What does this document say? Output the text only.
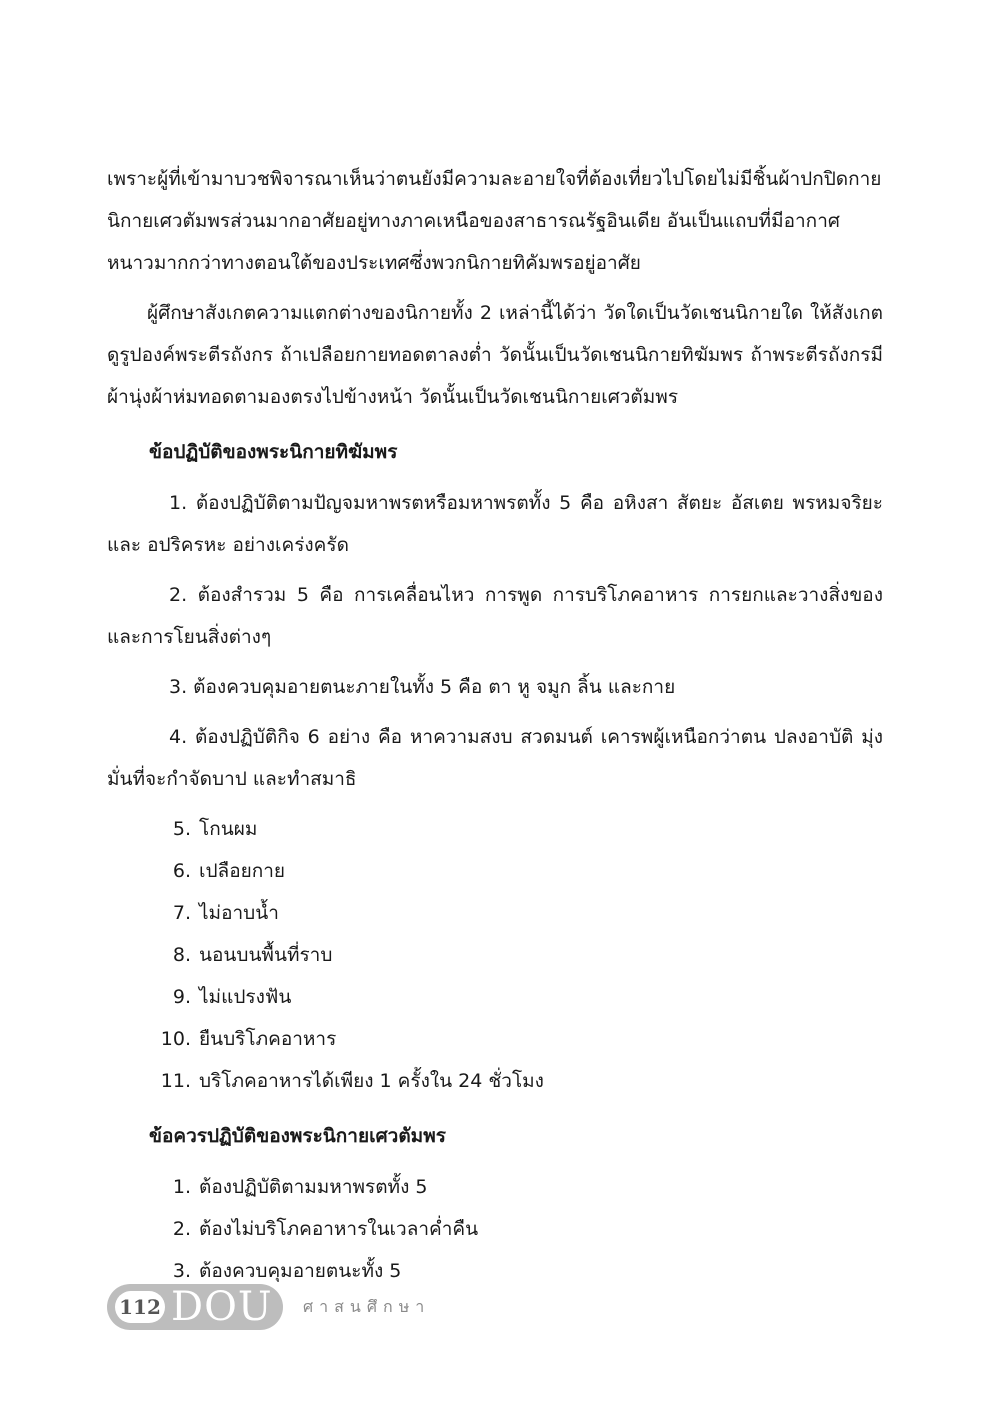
เพราะผู้ที่เข้ามาบวชพิจารณาเห็นว่าตนยังมีความละอายใจที่ต้องเที่ยวไปโดยไม่มีชิ้นผ้าปกปิดกาย
นิกายเศวตัมพรส่วนมากอาศัยอยู่ทางภาคเหนือของสาธารณรัฐอินเดีย อันเป็นแถบที่มีอากาศ
หนาวมากกว่าทางตอนใต้ของประเทศซึ่งพวกนิกายทิคัมพรอยู่อาศัย

ผู้ศึกษาสังเกตความแตกต่างของนิกายทั้ง 2 เหล่านี้ได้ว่า วัดใดเป็นวัดเชนนิกายใด ให้สังเกตดูรูปองค์พระตีรถังกร ถ้าเปลือยกายทอดตาลงต่ำ วัดนั้นเป็นวัดเชนนิกายทิฆัมพร ถ้าพระตีรถังกรมีผ้านุ่งผ้าห่มทอดตามองตรงไปข้างหน้า วัดนั้นเป็นวัดเชนนิกายเศวตัมพร

ข้อปฏิบัติของพระนิกายทิฆัมพร

1. ต้องปฏิบัติตามปัญจมหาพรตหรือมหาพรตทั้ง 5 คือ อหิงสา สัตยะ อัสเตย พรหมจริยะ และ อปริครหะ อย่างเคร่งครัด

2. ต้องสำรวม 5 คือ การเคลื่อนไหว การพูด การบริโภคอาหาร การยกและวางสิ่งของ และการโยนสิ่งต่างๆ

3. ต้องควบคุมอายตนะภายในทั้ง 5 คือ ตา หู จมูก ลิ้น และกาย

4. ต้องปฏิบัติกิจ 6 อย่าง คือ หาความสงบ สวดมนต์ เคารพผู้เหนือกว่าตน ปลงอาบัติ มุ่งมั่นที่จะกำจัดบาป และทำสมาธิ

5. โกนผม
6. เปลือยกาย
7. ไม่อาบน้ำ
8. นอนบนพื้นที่ราบ
9. ไม่แปรงฟัน
10. ยืนบริโภคอาหาร
11. บริโภคอาหารได้เพียง 1 ครั้งใน 24 ชั่วโมง
ข้อควรปฏิบัติของพระนิกายเศวตัมพร
1. ต้องปฏิบัติตามมหาพรตทั้ง 5
2. ต้องไม่บริโภคอาหารในเวลาค่ำคืน
3. ต้องควบคุมอายตนะทั้ง 5
112 DOU ศาสนศึกษา
